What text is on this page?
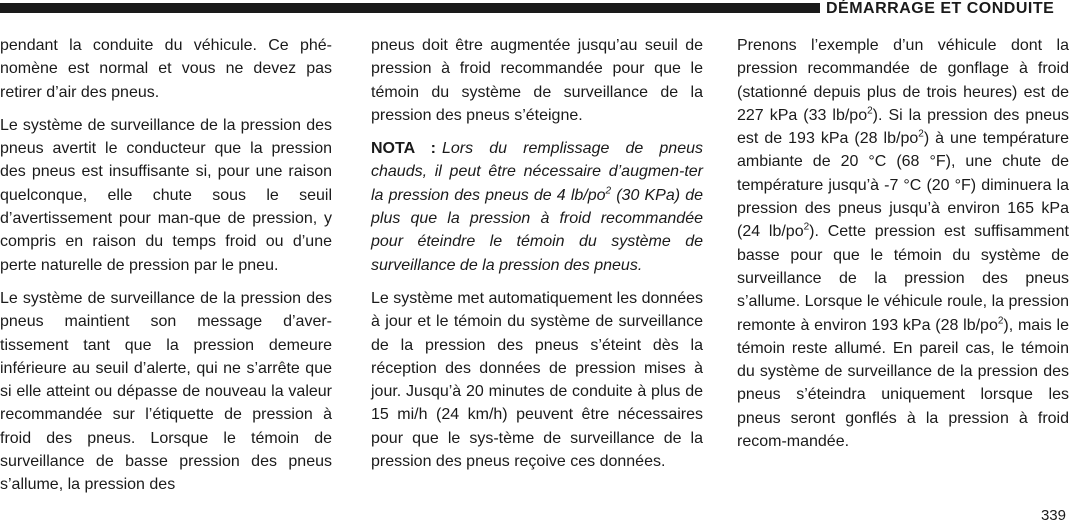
DÉMARRAGE ET CONDUITE

pendant la conduite du véhicule. Ce phé-nomène est normal et vous ne devez pas retirer d’air des pneus.

Le système de surveillance de la pression des pneus avertit le conducteur que la pression des pneus est insuffisante si, pour une raison quelconque, elle chute sous le seuil d’avertissement pour man-que de pression, y compris en raison du temps froid ou d’une perte naturelle de pression par le pneu.

Le système de surveillance de la pression des pneus maintient son message d’aver-tissement tant que la pression demeure inférieure au seuil d’alerte, qui ne s’arrête que si elle atteint ou dépasse de nouveau la valeur recommandée sur l’étiquette de pression à froid des pneus. Lorsque le témoin de surveillance de basse pression des pneus s’allume, la pression des

pneus doit être augmentée jusqu’au seuil de pression à froid recommandée pour que le témoin du système de surveillance de la pression des pneus s’éteigne.

NOTA : Lors du remplissage de pneus chauds, il peut être nécessaire d’augmen-ter la pression des pneus de 4 $lb/po^2$ (30 KPa) de plus que la pression à froid recommandée pour éteindre le témoin du système de surveillance de la pression des pneus.

Le système met automatiquement les données à jour et le témoin du système de surveillance de la pression des pneus s’éteint dès la réception des données de pression mises à jour. Jusqu’à 20 minutes de conduite à plus de 15 mi/h (24 km/h) peuvent être nécessaires pour que le sys-tème de surveillance de la pression des pneus reçoive ces données.

Prenons l’exemple d’un véhicule dont la pression recommandée de gonflage à froid (stationné depuis plus de trois heures) est de 227 kPa (33 $lb/po^2$). Si la pression des pneus est de 193 kPa (28 $lb/po^2$) à une température ambiante de 20 °C (68 °F), une chute de température jusqu’à -7 °C (20 °F) diminuera la pression des pneus jusqu’à environ 165 kPa (24 $lb/po^2$). Cette pression est suffisamment basse pour que le témoin du système de surveillance de la pression des pneus s’allume. Lorsque le véhicule roule, la pression remonte à environ 193 kPa (28 $lb/po^2$), mais le témoin reste allumé. En pareil cas, le témoin du système de surveillance de la pression des pneus s’éteindra uniquement lorsque les pneus seront gonflés à la pression à froid recom-mandée.

339
